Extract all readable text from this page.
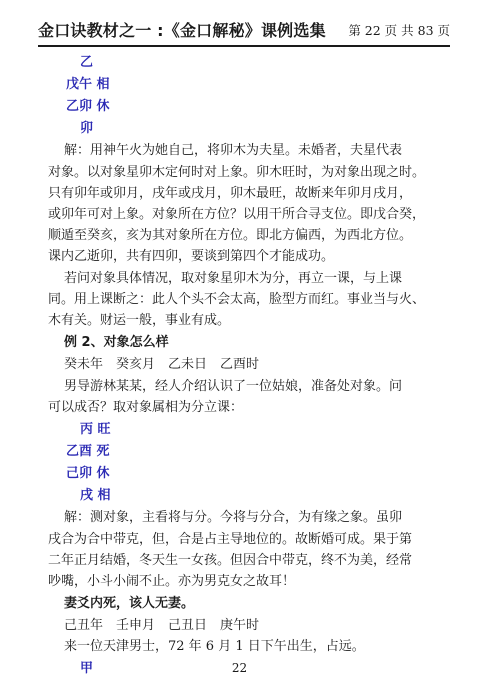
金口诀教材之一 :《金口解秘》课例选集 第 22 页 共 83 页
乙
戊午 相
乙卯 休
卯
解：用神午火为她自己，将卯木为夫星。未婚者，夫星代表
对象。以对象星卯木定何时对上象。卯木旺时，为对象出现之时。
只有卯年或卯月，戌年或戌月，卯木最旺，故断来年卯月戌月，
或卯年可对上象。对象所在方位？以用干所合寻支位。即戊合癸，
顺遁至癸亥，亥为其对象所在方位。即北方偏西，为西北方位。
课内乙逝卯，共有四卯，要谈到第四个才能成功。
若问对象具体情况，取对象星卯木为分，再立一课，与上课
同。用上课断之：此人个头不会太高，脸型方而红。事业当与火、
木有关。财运一般，事业有成。
例 2、对象怎么样
癸未年　癸亥月　乙未日　乙酉时
男导游林某某，经人介绍认识了一位姑娘，准备处对象。问
可以成否？取对象属相为分立课：
丙 旺
乙酉 死
己卯 休
戌 相
解：测对象，主看将与分。今将与分合，为有缘之象。虽卯
戌合为合中带克，但，合是占主导地位的。故断婚可成。果于第
二年正月结婚，冬天生一女孩。但因合中带克，终不为美，经常
吵嘴，小斗小闹不止。亦为男克女之故耳！
妻爻内死，该人无妻。
己丑年　壬申月　己丑日　庚午时
来一位天津男士，72 年 6 月 1 日下午出生，占远。
甲	22
